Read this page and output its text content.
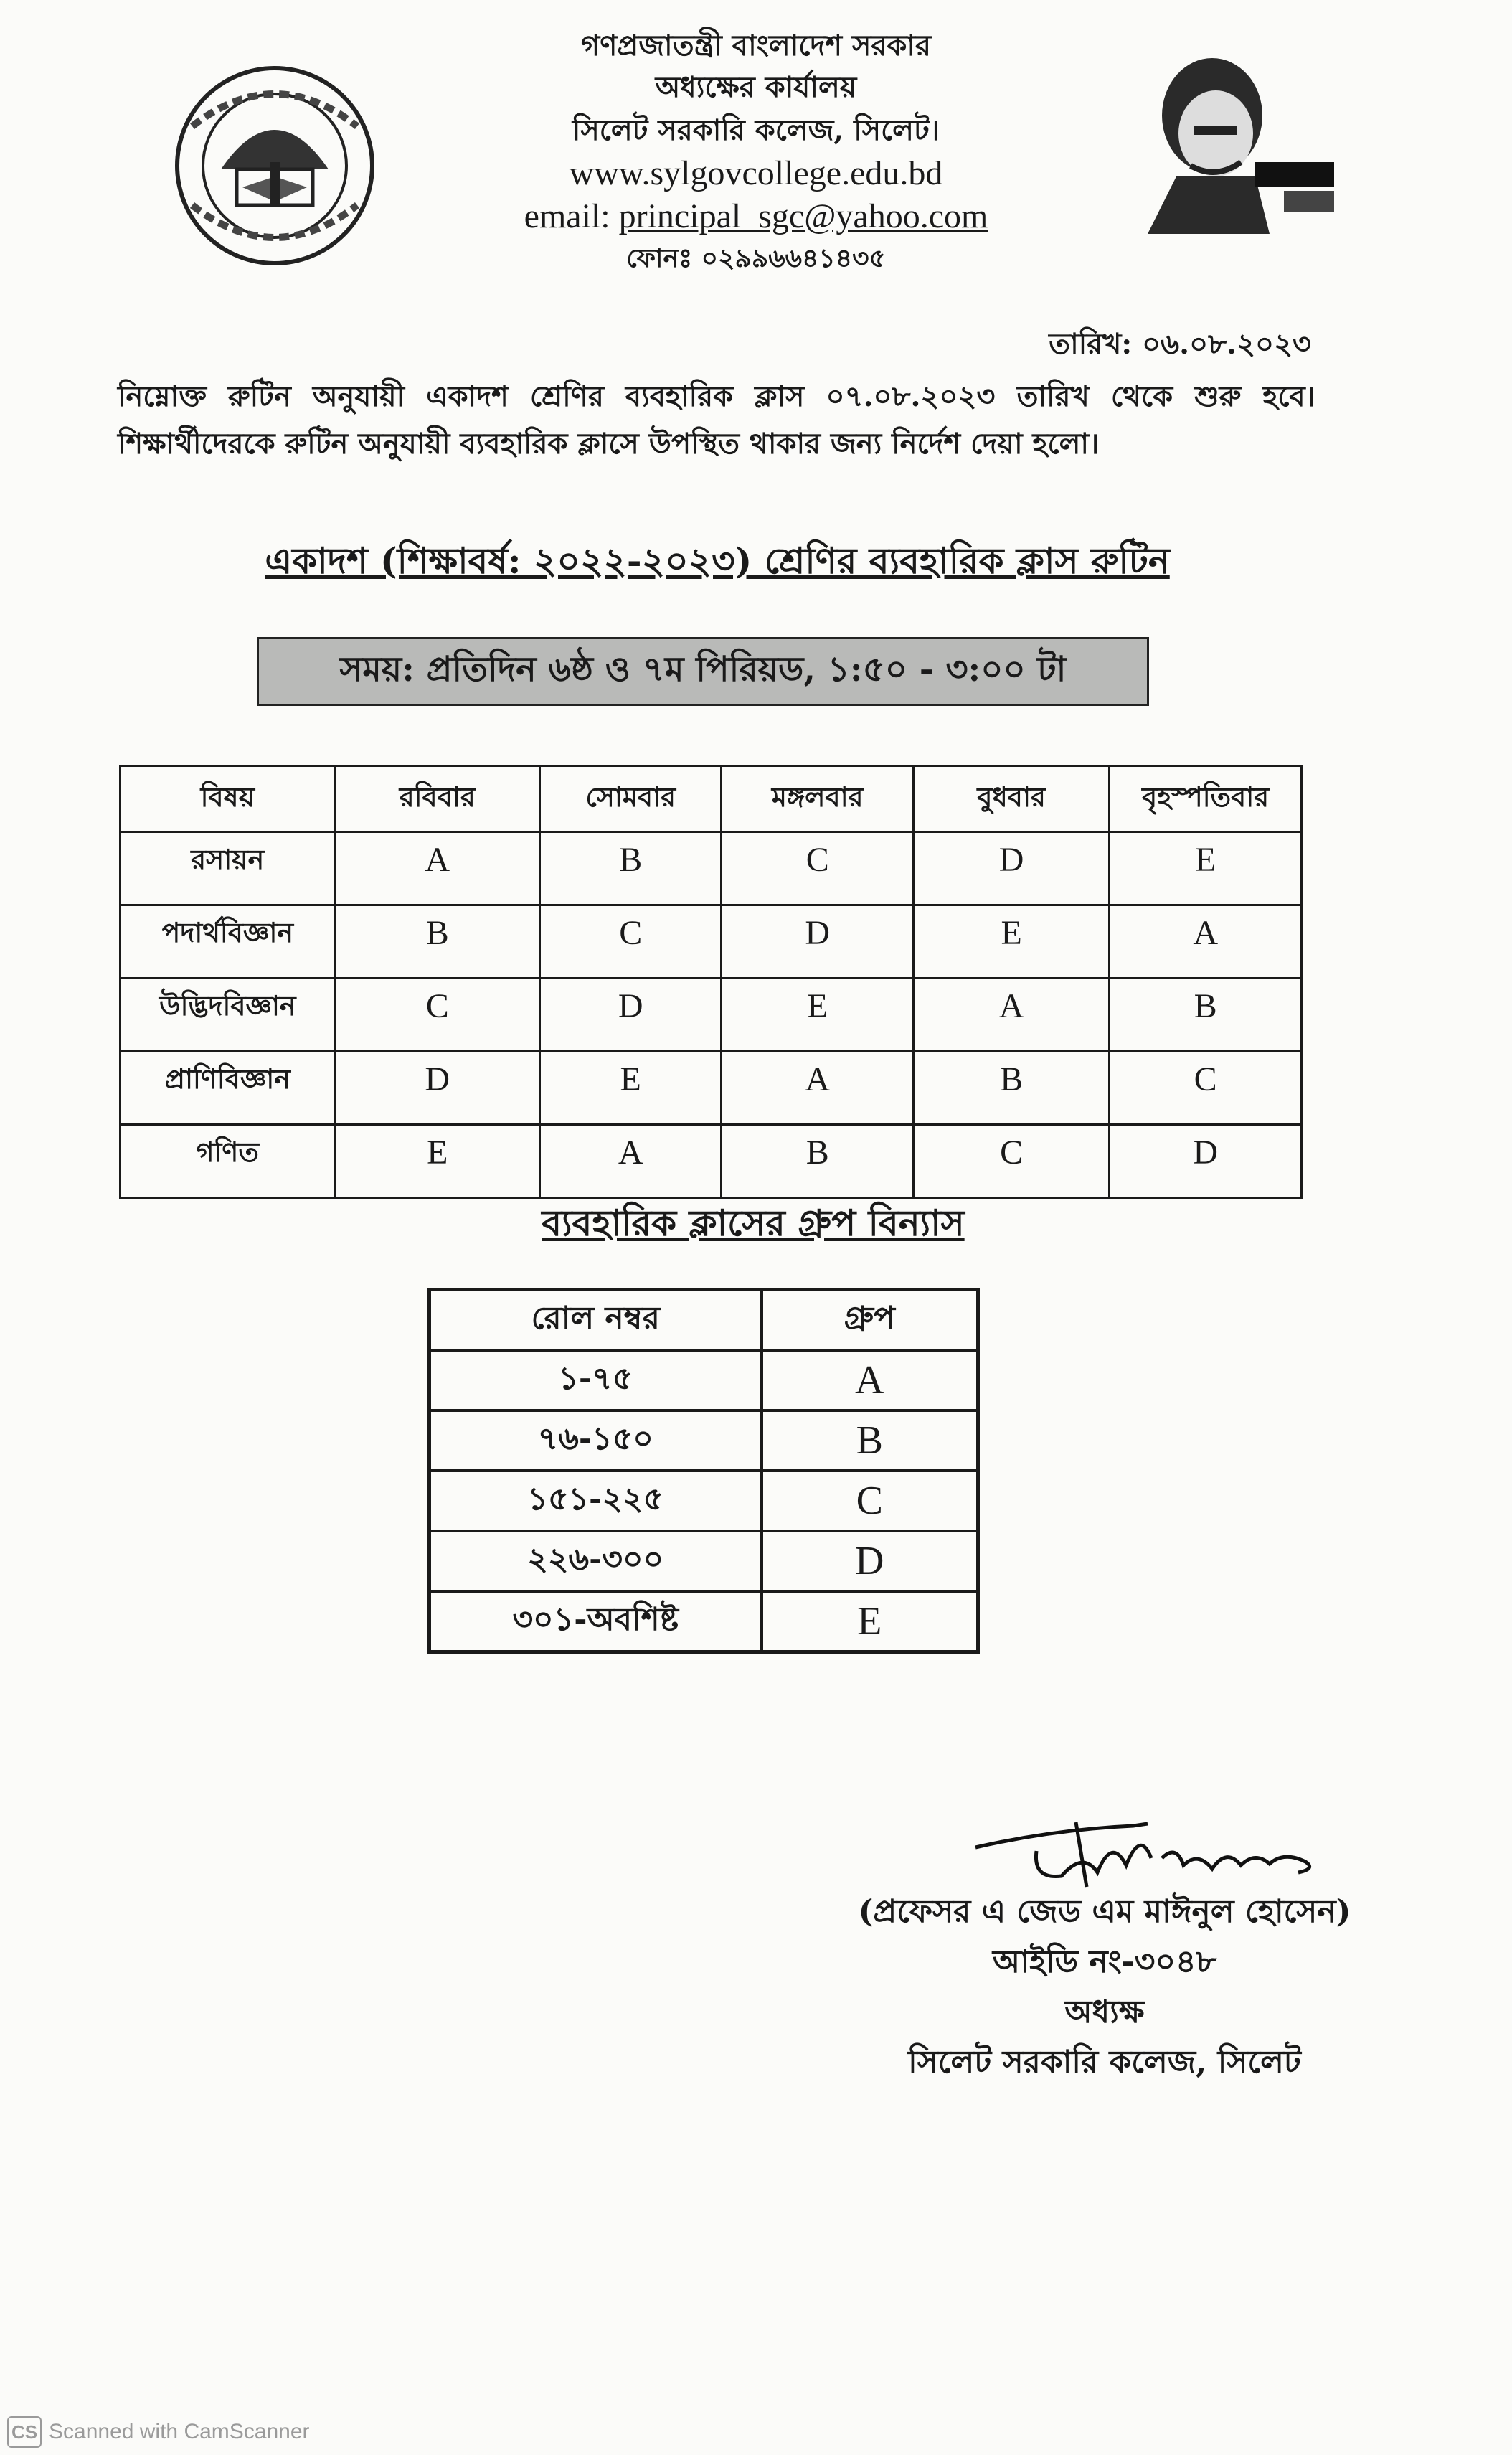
গণপ্রজাতন্ত্রী বাংলাদেশ সরকার
অধ্যক্ষের কার্যালয়
সিলেট সরকারি কলেজ, সিলেট।
www.sylgovcollege.edu.bd
email: principal_sgc@yahoo.com
ফোনঃ ০২৯৯৬৬৪১৪৩৫
তারিখ: ০৬.০৮.২০২৩
নিম্নোক্ত রুটিন অনুযায়ী একাদশ শ্রেণির ব্যবহারিক ক্লাস ০৭.০৮.২০২৩ তারিখ থেকে শুরু হবে। শিক্ষার্থীদেরকে রুটিন অনুযায়ী ব্যবহারিক ক্লাসে উপস্থিত থাকার জন্য নির্দেশ দেয়া হলো।
একাদশ (শিক্ষাবর্ষ: ২০২২-২০২৩) শ্রেণির ব্যবহারিক ক্লাস রুটিন
সময়: প্রতিদিন ৬ষ্ঠ ও ৭ম পিরিয়ড, ১:৫০ - ৩:০০ টা
বিষয়	রবিবার	সোমবার	মঙ্গলবার	বুধবার	বৃহস্পতিবার
রসায়ন	A	B	C	D	E
পদার্থবিজ্ঞান	B	C	D	E	A
উদ্ভিদবিজ্ঞান	C	D	E	A	B
প্রাণিবিজ্ঞান	D	E	A	B	C
গণিত	E	A	B	C	D
ব্যবহারিক ক্লাসের গ্রুপ বিন্যাস
রোল নম্বর	গ্রুপ
১-৭৫	A
৭৬-১৫০	B
১৫১-২২৫	C
২২৬-৩০০	D
৩০১-অবশিষ্ট	E
(প্রফেসর এ জেড এম মাঈনুল হোসেন)
আইডি নং-৩০৪৮
অধ্যক্ষ
সিলেট সরকারি কলেজ, সিলেট
CS Scanned with CamScanner
